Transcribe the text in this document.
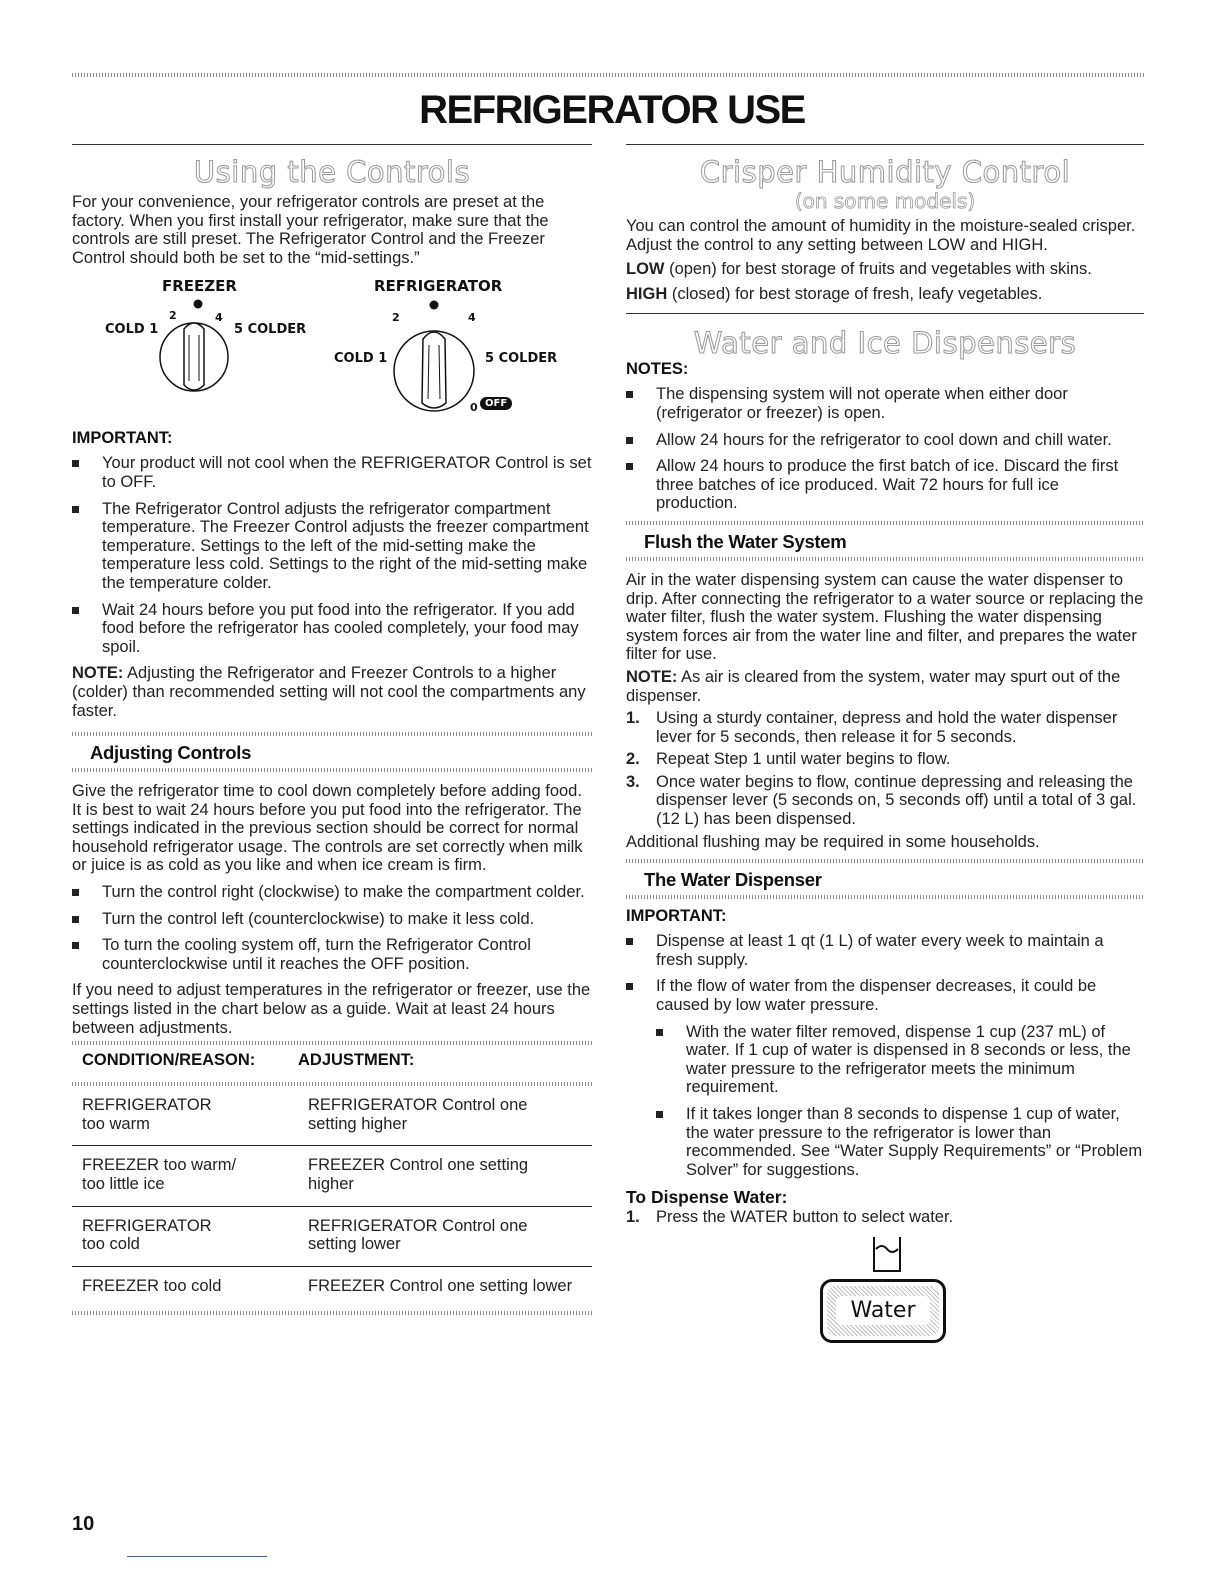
REFRIGERATOR USE
Using the Controls

For your convenience, your refrigerator controls are preset at the factory. When you first install your refrigerator, make sure that the controls are still preset. The Refrigerator Control and the Freezer Control should both be set to the “mid-settings.”

FREEZER	REFRIGERATOR
COLD 1	5 COLDER
2	4
COLD 1	5 COLDER
2	4
0 OFF
IMPORTANT:
Your product will not cool when the REFRIGERATOR Control is set to OFF.
The Refrigerator Control adjusts the refrigerator compartment temperature. The Freezer Control adjusts the freezer compartment temperature. Settings to the left of the mid-setting make the temperature less cold. Settings to the right of the mid-setting make the temperature colder.
Wait 24 hours before you put food into the refrigerator. If you add food before the refrigerator has cooled completely, your food may spoil.

NOTE: Adjusting the Refrigerator and Freezer Controls to a higher (colder) than recommended setting will not cool the compartments any faster.

Adjusting Controls

Give the refrigerator time to cool down completely before adding food. It is best to wait 24 hours before you put food into the refrigerator. The settings indicated in the previous section should be correct for normal household refrigerator usage. The controls are set correctly when milk or juice is as cold as you like and when ice cream is firm.

Turn the control right (clockwise) to make the compartment colder.
Turn the control left (counterclockwise) to make it less cold.
To turn the cooling system off, turn the Refrigerator Control counterclockwise until it reaches the OFF position.

If you need to adjust temperatures in the refrigerator or freezer, use the settings listed in the chart below as a guide. Wait at least 24 hours between adjustments.

CONDITION/REASON:	ADJUSTMENT:

REFRIGERATOR
too warm	REFRIGERATOR Control one
setting higher
FREEZER too warm/
too little ice	FREEZER Control one setting
higher
REFRIGERATOR
too cold	REFRIGERATOR Control one
setting lower
FREEZER too cold	FREEZER Control one setting lower
Crisper Humidity Control
(on some models)

You can control the amount of humidity in the moisture-sealed crisper. Adjust the control to any setting between LOW and HIGH.

LOW (open) for best storage of fruits and vegetables with skins.

HIGH (closed) for best storage of fresh, leafy vegetables.

Water and Ice Dispensers
NOTES:
The dispensing system will not operate when either door (refrigerator or freezer) is open.
Allow 24 hours for the refrigerator to cool down and chill water.
Allow 24 hours to produce the first batch of ice. Discard the first three batches of ice produced. Wait 72 hours for full ice production.
Flush the Water System

Air in the water dispensing system can cause the water dispenser to drip. After connecting the refrigerator to a water source or replacing the water filter, flush the water system. Flushing the water dispensing system forces air from the water line and filter, and prepares the water filter for use.

NOTE: As air is cleared from the system, water may spurt out of the dispenser.

1. Using a sturdy container, depress and hold the water dispenser lever for 5 seconds, then release it for 5 seconds.
2. Repeat Step 1 until water begins to flow.
3. Once water begins to flow, continue depressing and releasing the dispenser lever (5 seconds on, 5 seconds off) until a total of 3 gal. (12 L) has been dispensed.

Additional flushing may be required in some households.

The Water Dispenser
IMPORTANT:
Dispense at least 1 qt (1 L) of water every week to maintain a fresh supply.
If the flow of water from the dispenser decreases, it could be caused by low water pressure.
With the water filter removed, dispense 1 cup (237 mL) of water. If 1 cup of water is dispensed in 8 seconds or less, the water pressure to the refrigerator meets the minimum requirement.
If it takes longer than 8 seconds to dispense 1 cup of water, the water pressure to the refrigerator is lower than recommended. See “Water Supply Requirements” or “Problem Solver” for suggestions.
To Dispense Water:
1. Press the WATER button to select water.
Water
10
